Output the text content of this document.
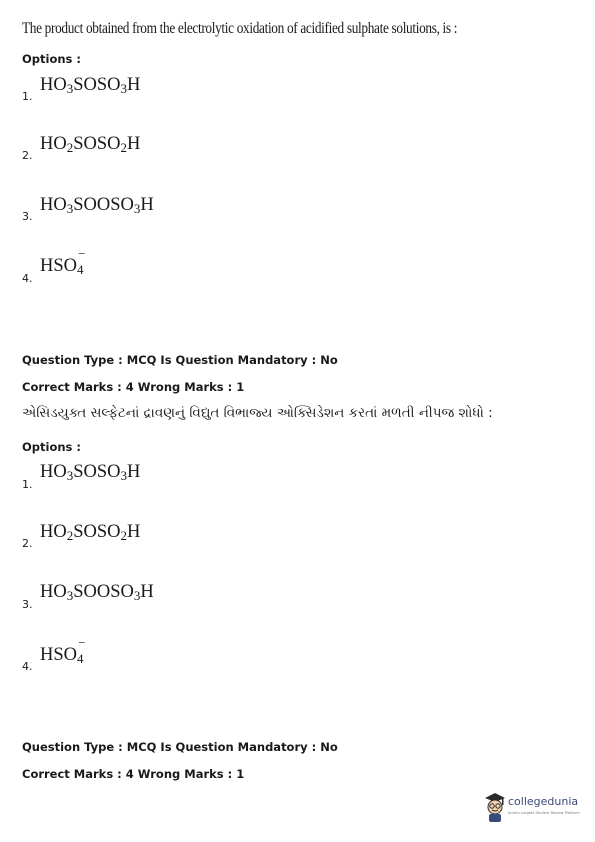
The product obtained from the electrolytic oxidation of acidified sulphate solutions, is :
Options :
$HO_3SOSO_3H$
1.
$HO_2SOSO_2H$
2.
$HO_3SOOSO_3H$
3.
$HSO_4$
−
4.
Question Type : MCQ Is Question Mandatory : No
Correct Marks : 4 Wrong Marks : 1
એસિડયુક્ત સલ્ફેટનાં દ્રાવણનું વિદ્યુત વિભાજ્ય ઓક્સિડેશન કરતાં મળતી નીપજ શોધો :
Options :
$HO_3SOSO_3H$
1.
$HO_2SOSO_2H$
2.
$HO_3SOOSO_3H$
3.
$HSO_4$
−
4.
Question Type : MCQ Is Question Mandatory : No
Correct Marks : 4 Wrong Marks : 1
collegedunia
India's Largest Student Review Platform
